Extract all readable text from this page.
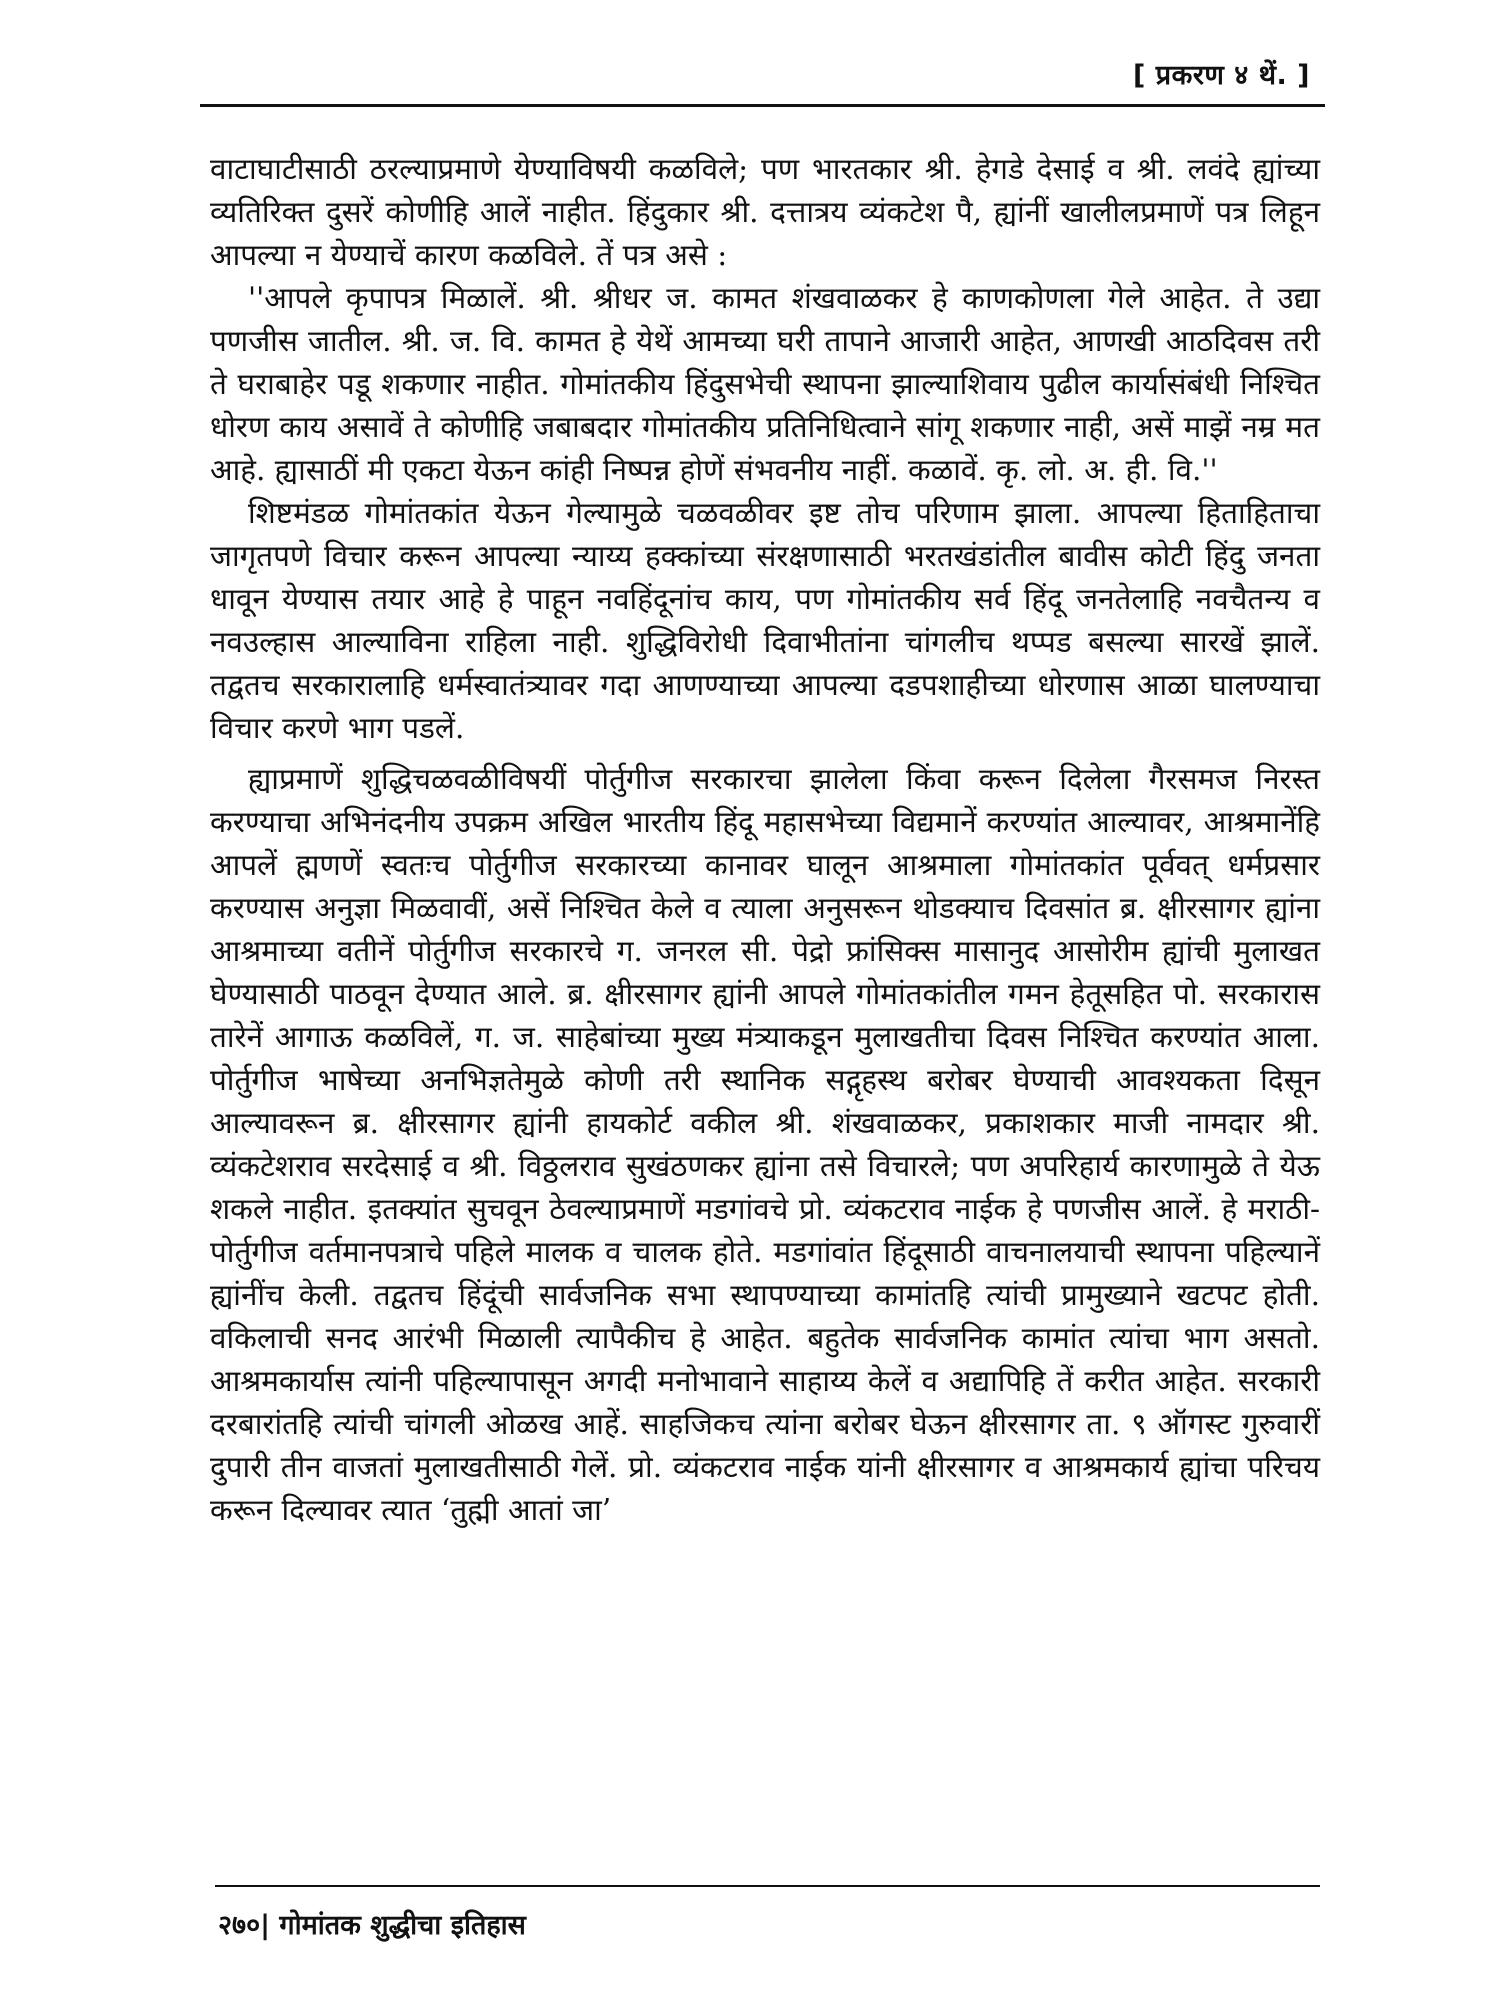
[ प्रकरण ४ थें. ]

वाटाघाटीसाठी ठरल्याप्रमाणे येण्याविषयी कळविले; पण भारतकार श्री. हेगडे देसाई व श्री. लवंदे ह्यांच्या व्यतिरिक्त दुसरें कोणीहि आलें नाहीत. हिंदुकार श्री. दत्तात्रय व्यंकटेश पै, ह्यांनीं खालीलप्रमाणें पत्र लिहून आपल्या न येण्याचें कारण कळविले. तें पत्र असे :

''आपले कृपापत्र मिळालें. श्री. श्रीधर ज. कामत शंखवाळकर हे काणकोणला गेले आहेत. ते उद्या पणजीस जातील. श्री. ज. वि. कामत हे येथें आमच्या घरी तापाने आजारी आहेत, आणखी आठदिवस तरी ते घराबाहेर पडू शकणार नाहीत. गोमांतकीय हिंदुसभेची स्थापना झाल्याशिवाय पुढील कार्यासंबंधी निश्चित धोरण काय असावें ते कोणीहि जबाबदार गोमांतकीय प्रतिनिधित्वाने सांगू शकणार नाही, असें माझें नम्र मत आहे. ह्यासाठीं मी एकटा येऊन कांही निष्पन्न होणें संभवनीय नाहीं. कळावें. कृ. लो. अ. ही. वि.''

शिष्टमंडळ गोमांतकांत येऊन गेल्यामुळे चळवळीवर इष्ट तोच परिणाम झाला. आपल्या हिताहिताचा जागृतपणे विचार करून आपल्या न्याय्य हक्कांच्या संरक्षणासाठी भरतखंडांतील बावीस कोटी हिंदु जनता धावून येण्यास तयार आहे हे पाहून नवहिंदूनांच काय, पण गोमांतकीय सर्व हिंदू जनतेलाहि नवचैतन्य व नवउल्हास आल्याविना राहिला नाही. शुद्धिविरोधी दिवाभीतांना चांगलीच थप्पड बसल्या सारखें झालें. तद्वतच सरकारालाहि धर्मस्वातंत्र्यावर गदा आणण्याच्या आपल्या दडपशाहीच्या धोरणास आळा घालण्याचा विचार करणे भाग पडलें.

ह्याप्रमाणें शुद्धिचळवळीविषयीं पोर्तुगीज सरकारचा झालेला किंवा करून दिलेला गैरसमज निरस्त करण्याचा अभिनंदनीय उपक्रम अखिल भारतीय हिंदू महासभेच्या विद्यमानें करण्यांत आल्यावर, आश्रमानेंहि आपलें ह्मणणें स्वतःच पोर्तुगीज सरकारच्या कानावर घालून आश्रमाला गोमांतकांत पूर्ववत् धर्मप्रसार करण्यास अनुज्ञा मिळवावीं, असें निश्चित केले व त्याला अनुसरून थोडक्याच दिवसांत ब्र. क्षीरसागर ह्यांना आश्रमाच्या वतीनें पोर्तुगीज सरकारचे ग. जनरल सी. पेद्रो फ्रांसिक्स मासानुद आसोरीम ह्यांची मुलाखत घेण्यासाठी पाठवून देण्यात आले. ब्र. क्षीरसागर ह्यांनी आपले गोमांतकांतील गमन हेतूसहित पो. सरकारास तारेनें आगाऊ कळविलें, ग. ज. साहेबांच्या मुख्य मंत्र्याकडून मुलाखतीचा दिवस निश्चित करण्यांत आला. पोर्तुगीज भाषेच्या अनभिज्ञतेमुळे कोणी तरी स्थानिक सद्गृहस्थ बरोबर घेण्याची आवश्यकता दिसून आल्यावरून ब्र. क्षीरसागर ह्यांनी हायकोर्ट वकील श्री. शंखवाळकर, प्रकाशकार माजी नामदार श्री. व्यंकटेशराव सरदेसाई व श्री. विठ्ठलराव सुखंठणकर ह्यांना तसे विचारले; पण अपरिहार्य कारणामुळे ते येऊ शकले नाहीत. इतक्यांत सुचवून ठेवल्याप्रमाणें मडगांवचे प्रो. व्यंकटराव नाईक हे पणजीस आलें. हे मराठी-पोर्तुगीज वर्तमानपत्राचे पहिले मालक व चालक होते. मडगांवांत हिंदूसाठी वाचनालयाची स्थापना पहिल्यानें ह्यांनींच केली. तद्वतच हिंदूंची सार्वजनिक सभा स्थापण्याच्या कामांतहि त्यांची प्रामुख्याने खटपट होती. वकिलाची सनद आरंभी मिळाली त्यापैकीच हे आहेत. बहुतेक सार्वजनिक कामांत त्यांचा भाग असतो. आश्रमकार्यास त्यांनी पहिल्यापासून अगदी मनोभावाने साहाय्य केलें व अद्यापिहि तें करीत आहेत. सरकारी दरबारांतहि त्यांची चांगली ओळख आहें. साहजिकच त्यांना बरोबर घेऊन क्षीरसागर ता. ९ ऑगस्ट गुरुवारीं दुपारी तीन वाजतां मुलाखतीसाठी गेलें. प्रो. व्यंकटराव नाईक यांनी क्षीरसागर व आश्रमकार्य ह्यांचा परिचय करून दिल्यावर त्यात ‘तुह्मी आतां जा’

२७०| गोमांतक शुद्धीचा इतिहास
